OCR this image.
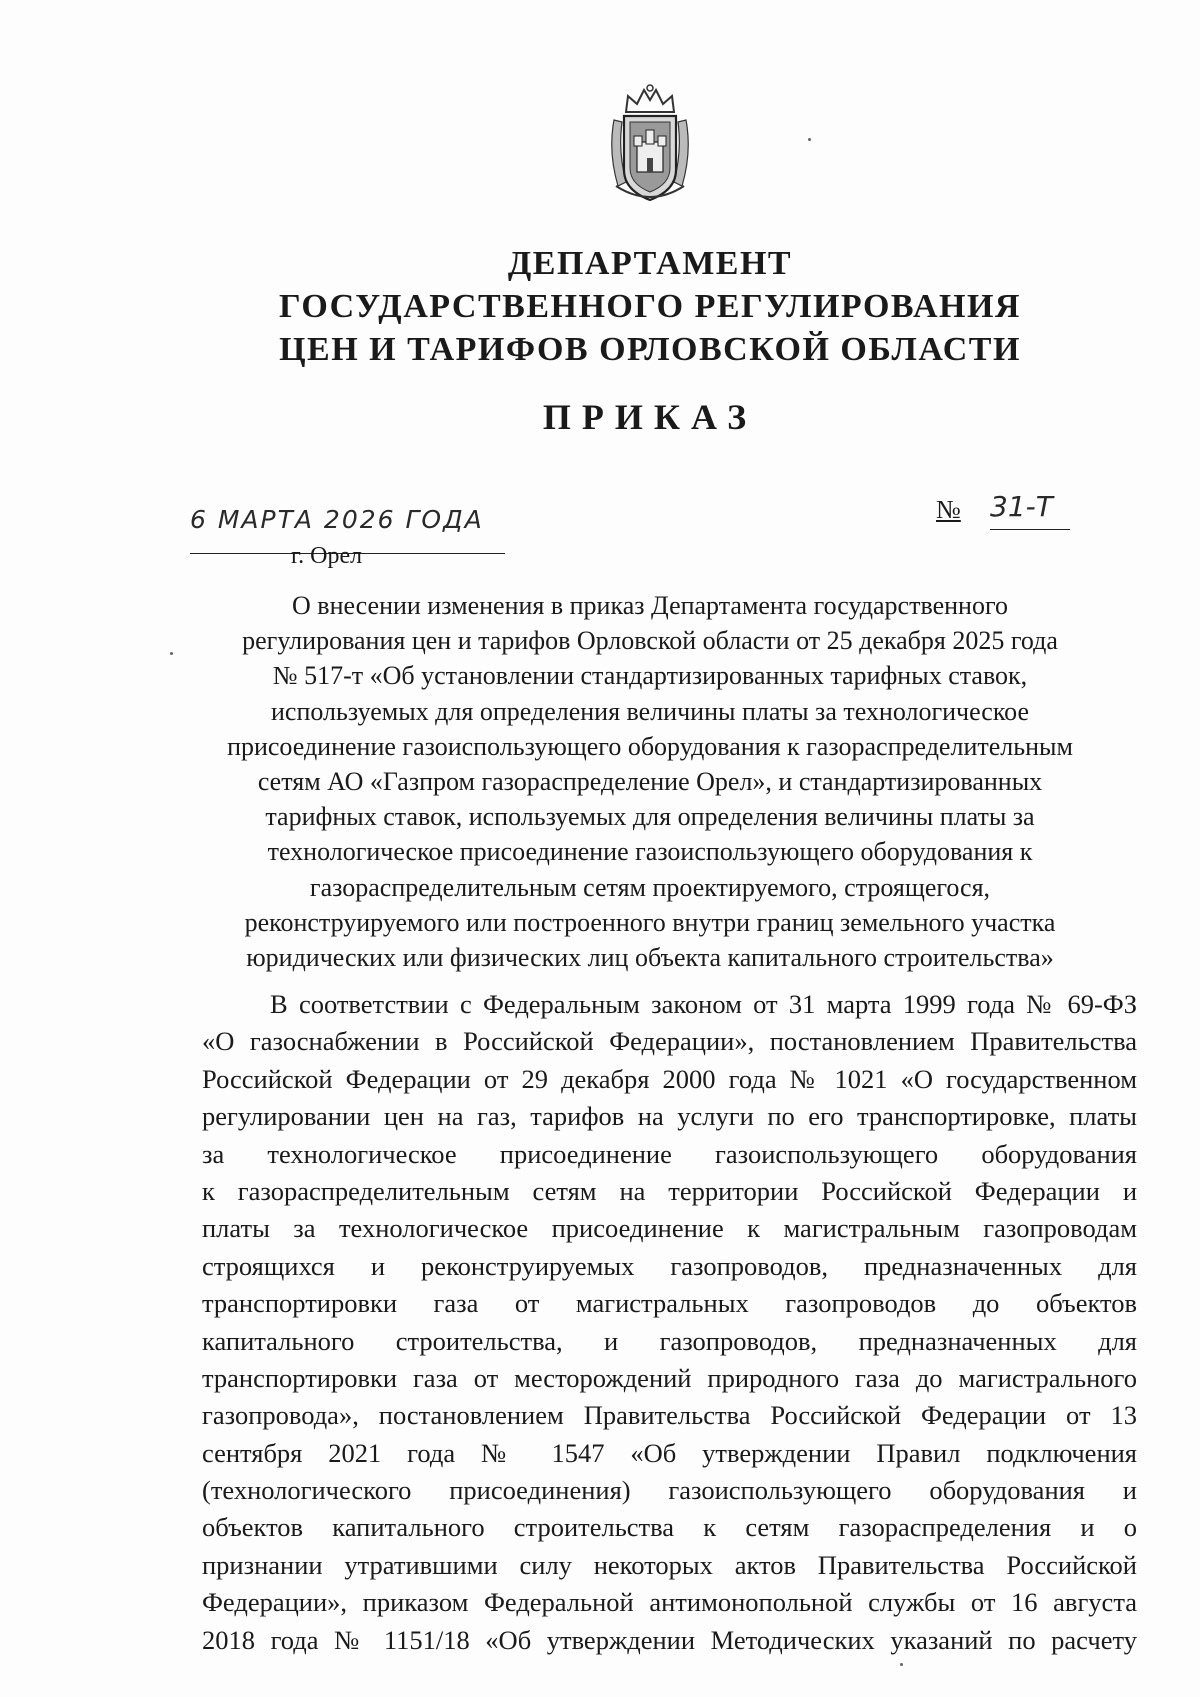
ДЕПАРТАМЕНТ
ГОСУДАРСТВЕННОГО РЕГУЛИРОВАНИЯ
ЦЕН И ТАРИФОВ ОРЛОВСКОЙ ОБЛАСТИ
ПРИКАЗ
6 МАРТА 2026 ГОДА
г. Орел
№ 31-Т
О внесении изменения в приказ Департамента государственного
регулирования цен и тарифов Орловской области от 25 декабря 2025 года
№ 517-т «Об установлении стандартизированных тарифных ставок,
используемых для определения величины платы за технологическое
присоединение газоиспользующего оборудования к газораспределительным
сетям АО «Газпром газораспределение Орел», и стандартизированных
тарифных ставок, используемых для определения величины платы за
технологическое присоединение газоиспользующего оборудования к
газораспределительным сетям проектируемого, строящегося,
реконструируемого или построенного внутри границ земельного участка
юридических или физических лиц объекта капитального строительства»
В соответствии с Федеральным законом от 31 марта 1999 года № 69-ФЗ
«О газоснабжении в Российской Федерации», постановлением Правительства
Российской Федерации от 29 декабря 2000 года № 1021 «О государственном
регулировании цен на газ, тарифов на услуги по его транспортировке, платы
за технологическое присоединение газоиспользующего оборудования
к газораспределительным сетям на территории Российской Федерации и
платы за технологическое присоединение к магистральным газопроводам
строящихся и реконструируемых газопроводов, предназначенных для
транспортировки газа от магистральных газопроводов до объектов
капитального строительства, и газопроводов, предназначенных для
транспортировки газа от месторождений природного газа до магистрального
газопровода», постановлением Правительства Российской Федерации от 13
сентября 2021 года № 1547 «Об утверждении Правил подключения
(технологического присоединения) газоиспользующего оборудования и
объектов капитального строительства к сетям газораспределения и о
признании утратившими силу некоторых актов Правительства Российской
Федерации», приказом Федеральной антимонопольной службы от 16 августа
2018 года № 1151/18 «Об утверждении Методических указаний по расчету
